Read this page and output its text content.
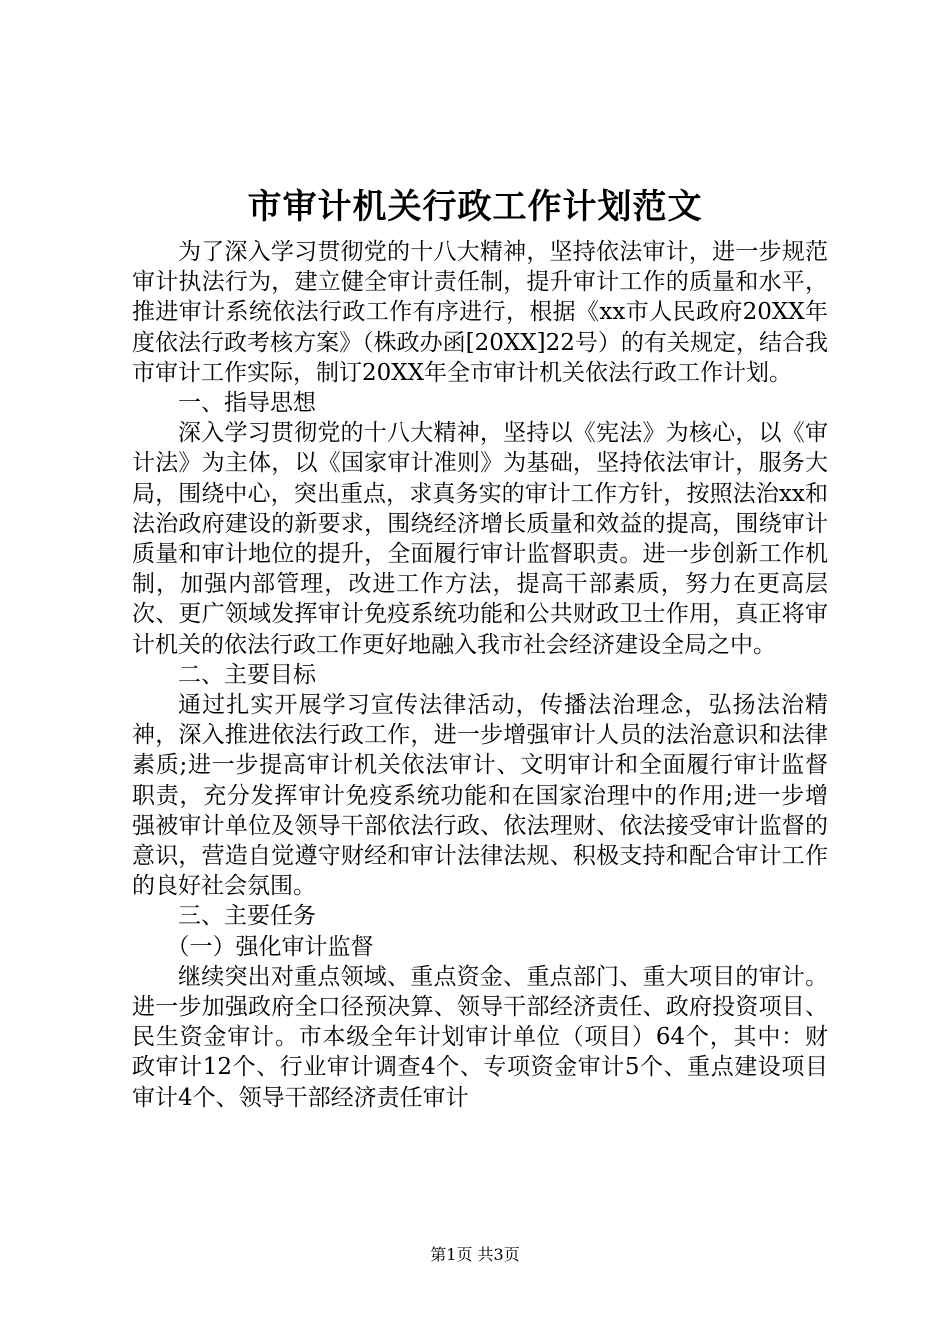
市审计机关行政工作计划范文

为了深入学习贯彻党的十八大精神，坚持依法审计，进一步规范审计执法行为，建立健全审计责任制，提升审计工作的质量和水平，推进审计系统依法行政工作有序进行，根据《xx市人民政府20XX年度依法行政考核方案》（株政办函[20XX]22号）的有关规定，结合我市审计工作实际，制订20XX年全市审计机关依法行政工作计划。

一、指导思想

深入学习贯彻党的十八大精神，坚持以《宪法》为核心，以《审计法》为主体，以《国家审计准则》为基础，坚持依法审计，服务大局，围绕中心，突出重点，求真务实的审计工作方针，按照法治xx和法治政府建设的新要求，围绕经济增长质量和效益的提高，围绕审计质量和审计地位的提升，全面履行审计监督职责。进一步创新工作机制，加强内部管理，改进工作方法，提高干部素质，努力在更高层次、更广领域发挥审计免疫系统功能和公共财政卫士作用，真正将审计机关的依法行政工作更好地融入我市社会经济建设全局之中。

二、主要目标

通过扎实开展学习宣传法律活动，传播法治理念，弘扬法治精神，深入推进依法行政工作，进一步增强审计人员的法治意识和法律素质;进一步提高审计机关依法审计、文明审计和全面履行审计监督职责，充分发挥审计免疫系统功能和在国家治理中的作用;进一步增强被审计单位及领导干部依法行政、依法理财、依法接受审计监督的意识，营造自觉遵守财经和审计法律法规、积极支持和配合审计工作的良好社会氛围。

三、主要任务

（一）强化审计监督

继续突出对重点领域、重点资金、重点部门、重大项目的审计。进一步加强政府全口径预决算、领导干部经济责任、政府投资项目、民生资金审计。市本级全年计划审计单位（项目）64个，其中：财政审计12个、行业审计调查4个、专项资金审计5个、重点建设项目审计4个、领导干部经济责任审计

第1页 共3页
